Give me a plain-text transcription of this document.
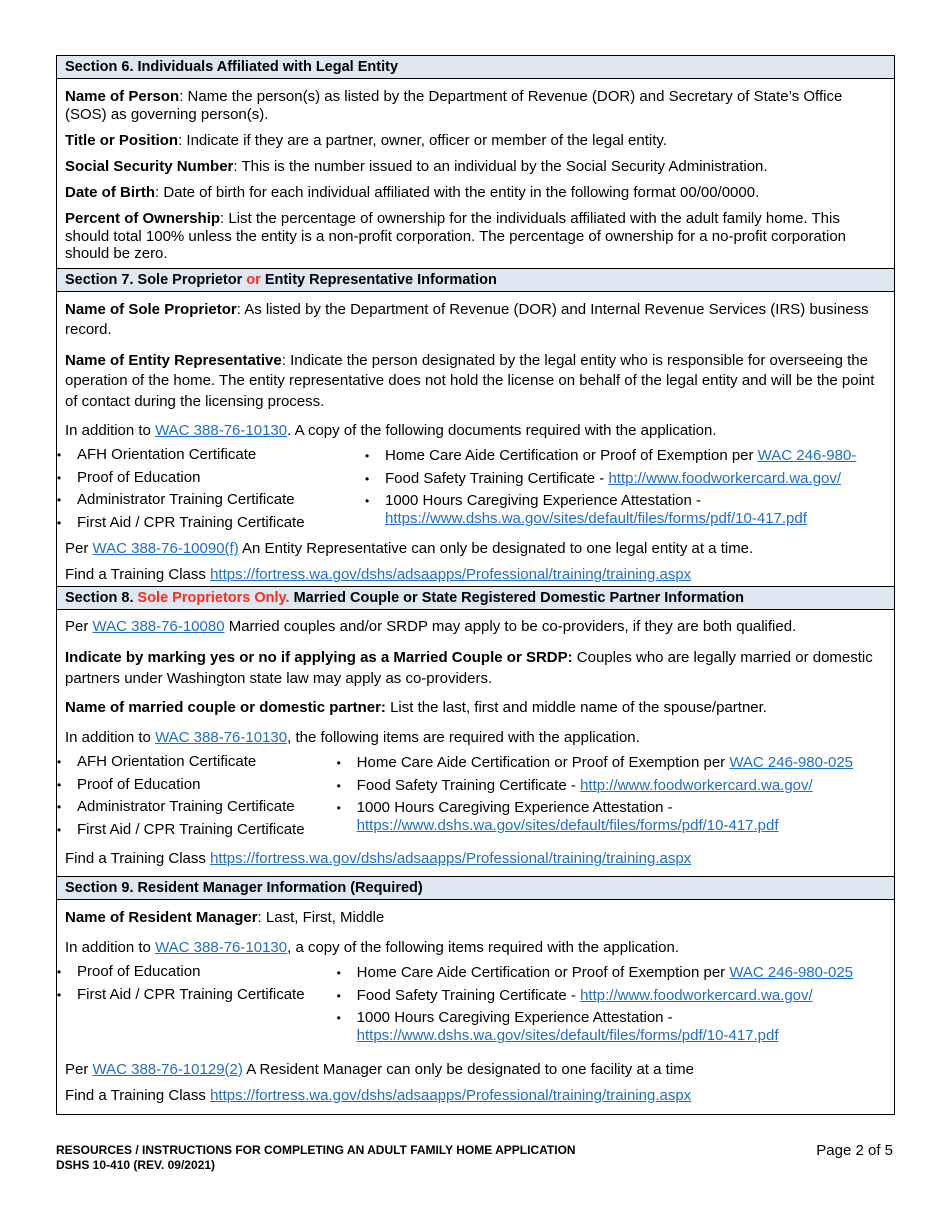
Section 6. Individuals Affiliated with Legal Entity

Name of Person: Name the person(s) as listed by the Department of Revenue (DOR) and Secretary of State’s Office (SOS) as governing person(s).

Title or Position: Indicate if they are a partner, owner, officer or member of the legal entity.

Social Security Number: This is the number issued to an individual by the Social Security Administration.

Date of Birth: Date of birth for each individual affiliated with the entity in the following format 00/00/0000.

Percent of Ownership: List the percentage of ownership for the individuals affiliated with the adult family home. This should total 100% unless the entity is a non-profit corporation. The percentage of ownership for a no-profit corporation should be zero.

Section 7. Sole Proprietor or Entity Representative Information

Name of Sole Proprietor: As listed by the Department of Revenue (DOR) and Internal Revenue Services (IRS) business record.

Name of Entity Representative: Indicate the person designated by the legal entity who is responsible for overseeing the operation of the home. The entity representative does not hold the license on behalf of the legal entity and will be the point of contact during the licensing process.

In addition to WAC 388-76-10130. A copy of the following documents required with the application.

• AFH Orientation Certificate
• Proof of Education
• Administrator Training Certificate
• First Aid / CPR Training Certificate
• Home Care Aide Certification or Proof of Exemption per WAC 246-980-
• Food Safety Training Certificate - http://www.foodworkercard.wa.gov/
• 1000 Hours Caregiving Experience Attestation -
https://www.dshs.wa.gov/sites/default/files/forms/pdf/10-417.pdf

Per WAC 388-76-10090(f) An Entity Representative can only be designated to one legal entity at a time.

Find a Training Class https://fortress.wa.gov/dshs/adsaapps/Professional/training/training.aspx

Section 8. Sole Proprietors Only. Married Couple or State Registered Domestic Partner Information

Per WAC 388-76-10080 Married couples and/or SRDP may apply to be co-providers, if they are both qualified.

Indicate by marking yes or no if applying as a Married Couple or SRDP: Couples who are legally married or domestic partners under Washington state law may apply as co-providers.

Name of married couple or domestic partner: List the last, first and middle name of the spouse/partner.

In addition to WAC 388-76-10130, the following items are required with the application.

• AFH Orientation Certificate
• Proof of Education
• Administrator Training Certificate
• First Aid / CPR Training Certificate
• Home Care Aide Certification or Proof of Exemption per WAC 246-980-025
• Food Safety Training Certificate - http://www.foodworkercard.wa.gov/
• 1000 Hours Caregiving Experience Attestation -
https://www.dshs.wa.gov/sites/default/files/forms/pdf/10-417.pdf

Find a Training Class https://fortress.wa.gov/dshs/adsaapps/Professional/training/training.aspx

Section 9. Resident Manager Information (Required)

Name of Resident Manager: Last, First, Middle

In addition to WAC 388-76-10130, a copy of the following items required with the application.

• Proof of Education
• First Aid / CPR Training Certificate
• Home Care Aide Certification or Proof of Exemption per WAC 246-980-025
• Food Safety Training Certificate - http://www.foodworkercard.wa.gov/
• 1000 Hours Caregiving Experience Attestation -
https://www.dshs.wa.gov/sites/default/files/forms/pdf/10-417.pdf

Per WAC 388-76-10129(2) A Resident Manager can only be designated to one facility at a time

Find a Training Class https://fortress.wa.gov/dshs/adsaapps/Professional/training/training.aspx

RESOURCES / INSTRUCTIONS FOR COMPLETING AN ADULT FAMILY HOME APPLICATION
DSHS 10-410 (REV. 09/2021)
Page 2 of 5
